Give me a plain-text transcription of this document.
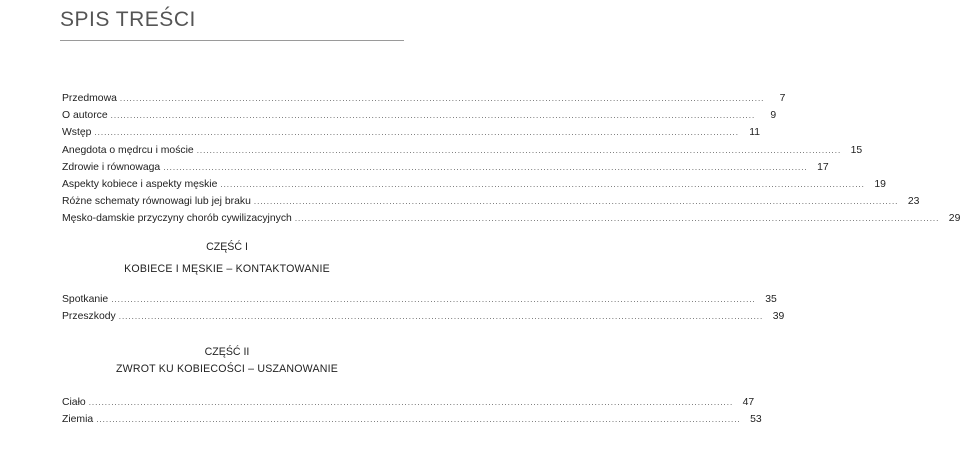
SPIS TREŚCI
Przedmowa ........................................................................................................................................................................................................	7
O autorce ........................................................................................................................................................................................................	9
Wstęp ........................................................................................................................................................................................................ 11
Anegdota o mędrcu i moście ........................................................................................................................................................................................................ 15
Zdrowie i równowaga ........................................................................................................................................................................................................ 17
Aspekty kobiece i aspekty męskie ........................................................................................................................................................................................................ 19
Różne schematy równowagi lub jej braku ........................................................................................................................................................................................................ 23
Męsko-damskie przyczyny chorób cywilizacyjnych ........................................................................................................................................................................................................ 29
CZĘŚĆ I
KOBIECE I MĘSKIE – KONTAKTOWANIE
Spotkanie ........................................................................................................................................................................................................ 35
Przeszkody ........................................................................................................................................................................................................ 39
CZĘŚĆ II
ZWROT KU KOBIECOŚCI – USZANOWANIE
Ciało ........................................................................................................................................................................................................ 47
Ziemia ........................................................................................................................................................................................................ 53
